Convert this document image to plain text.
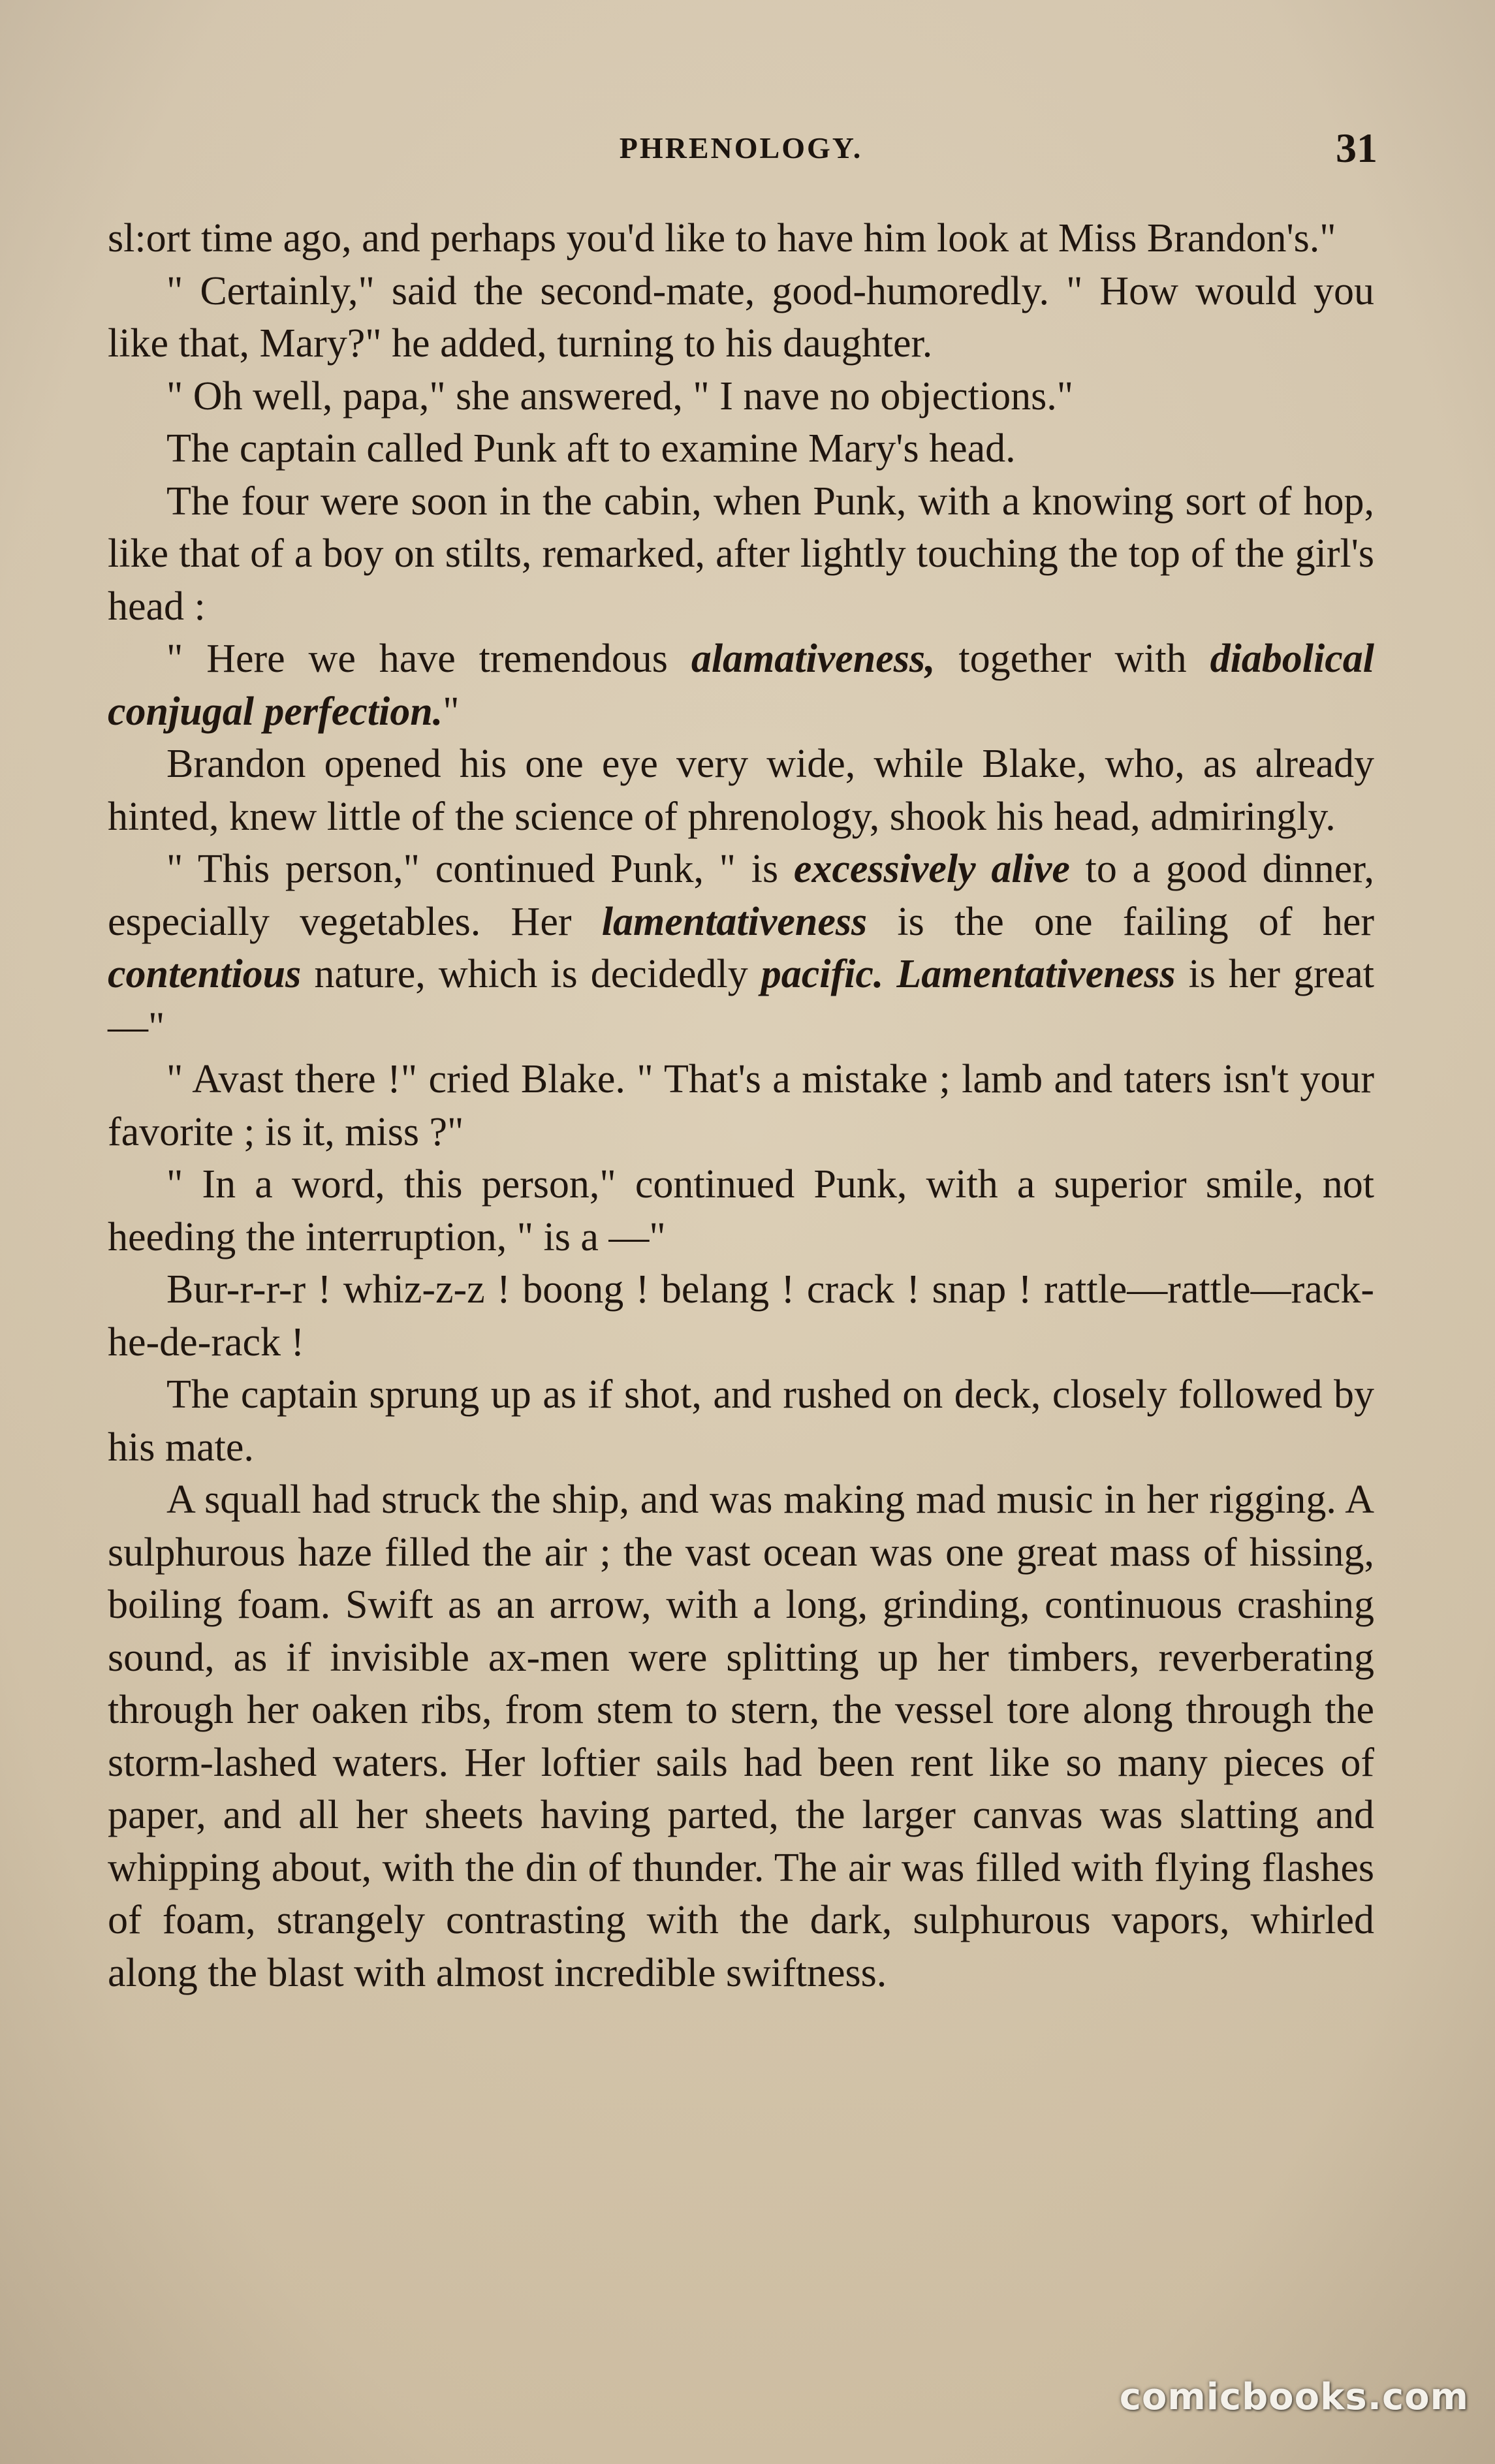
PHRENOLOGY.	31

sl:ort time ago, and perhaps you'd like to have him look at Miss Brandon's."

" Certainly," said the second-mate, good-humoredly. " How would you like that, Mary?" he added, turning to his daughter.

" Oh well, papa," she answered, " I nave no objections."

The captain called Punk aft to examine Mary's head.

The four were soon in the cabin, when Punk, with a knowing sort of hop, like that of a boy on stilts, remarked, after lightly touching the top of the girl's head :

" Here we have tremendous alamativeness, together with diabolical conjugal perfection."

Brandon opened his one eye very wide, while Blake, who, as already hinted, knew little of the science of phrenology, shook his head, admiringly.

" This person," continued Punk, " is excessively alive to a good dinner, especially vegetables. Her lamentativeness is the one failing of her contentious nature, which is decidedly pacific. Lamentativeness is her great —"

" Avast there !" cried Blake. " That's a mistake ; lamb and taters isn't your favorite ; is it, miss ?"

" In a word, this person," continued Punk, with a superior smile, not heeding the interruption, " is a —"

Bur-r-r-r ! whiz-z-z ! boong ! belang ! crack ! snap ! rattle—rattle—rack-he-de-rack !

The captain sprung up as if shot, and rushed on deck, closely followed by his mate.

A squall had struck the ship, and was making mad music in her rigging. A sulphurous haze filled the air ; the vast ocean was one great mass of hissing, boiling foam. Swift as an arrow, with a long, grinding, continuous crashing sound, as if invisible ax-men were splitting up her timbers, reverberating through her oaken ribs, from stem to stern, the vessel tore along through the storm-lashed waters. Her loftier sails had been rent like so many pieces of paper, and all her sheets having parted, the larger canvas was slatting and whipping about, with the din of thunder. The air was filled with flying flashes of foam, strangely contrasting with the dark, sulphurous vapors, whirled along the blast with almost incredible swiftness.

comicbooks.com
